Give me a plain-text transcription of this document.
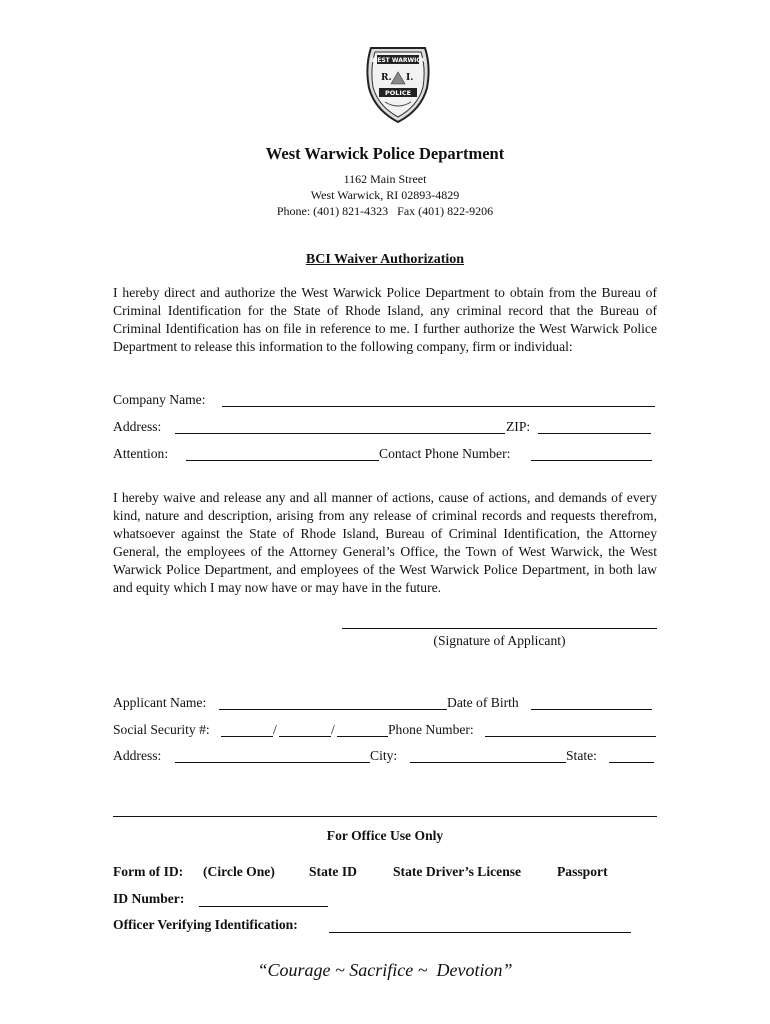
WEST WARWICK
R. I.
POLICE
West Warwick Police Department
1162 Main Street
West Warwick, RI 02893-4829
Phone: (401) 821-4323   Fax (401) 822-9206
BCI Waiver Authorization
I hereby direct and authorize the West Warwick Police Department to obtain from the Bureau of Criminal Identification for the State of Rhode Island, any criminal record that the Bureau of Criminal Identification has on file in reference to me. I further authorize the West Warwick Police Department to release this information to the following company, firm or individual:
Company Name:
Address:	ZIP:
Attention:	Contact Phone Number:
I hereby waive and release any and all manner of actions, cause of actions, and demands of every kind, nature and description, arising from any release of criminal records and requests therefrom, whatsoever against the State of Rhode Island, Bureau of Criminal Identification, the Attorney General, the employees of the Attorney General’s Office, the Town of West Warwick, the West Warwick Police Department, and employees of the West Warwick Police Department, in both law and equity which I may now have or may have in the future.
(Signature of Applicant)
Applicant Name:	Date of Birth
Social Security #:	/	/	Phone Number:
Address:	City:	State:
For Office Use Only
Form of ID: (Circle One)	State ID	State Driver’s License	Passport
ID Number:
Officer Verifying Identification:
“Courage ~ Sacrifice ~  Devotion”
